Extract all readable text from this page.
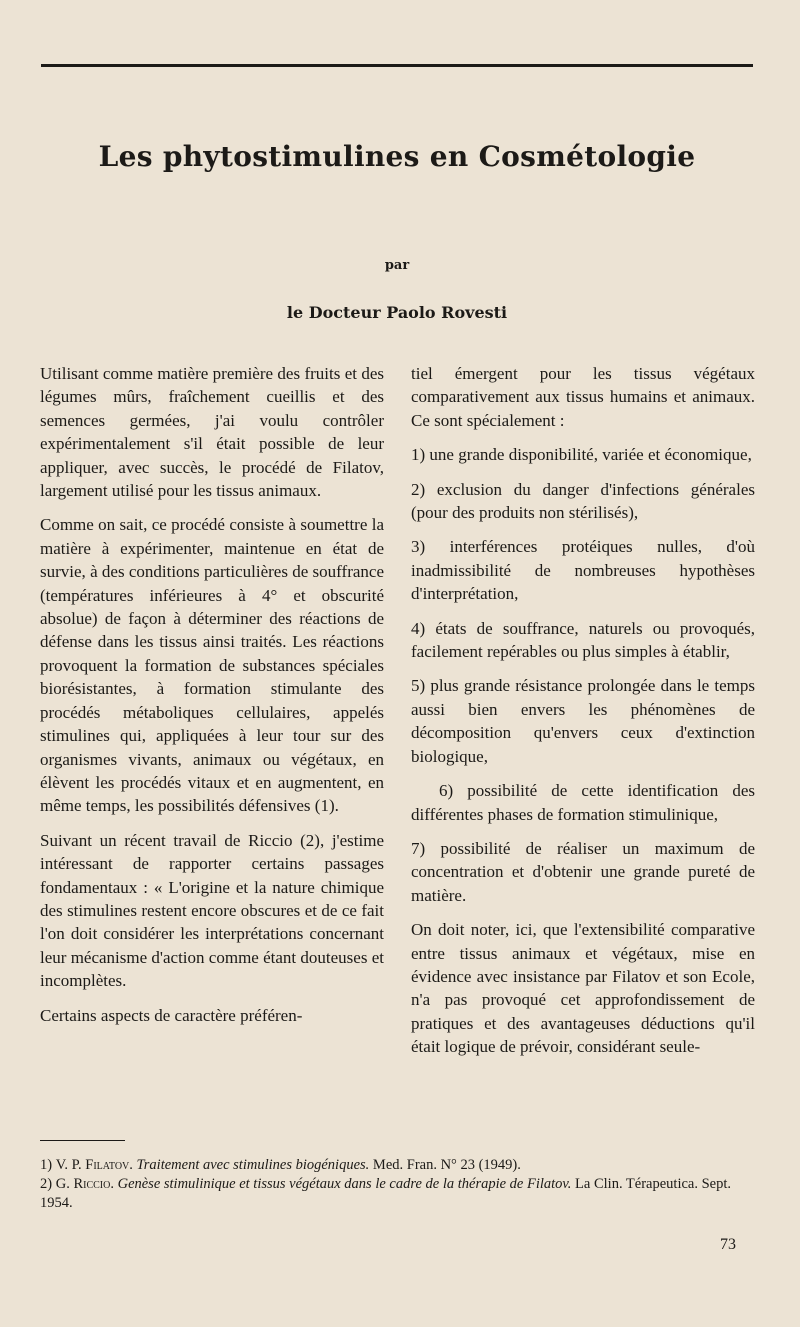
Les phytostimulines en Cosmétologie
par
le Docteur Paolo Rovesti

Utilisant comme matière première des fruits et des légumes mûrs, fraîchement cueillis et des semences germées, j'ai voulu contrôler expérimentalement s'il était possible de leur appliquer, avec succès, le procédé de Filatov, largement utilisé pour les tissus animaux.

Comme on sait, ce procédé consiste à soumettre la matière à expérimenter, maintenue en état de survie, à des conditions particulières de souffrance (températures inférieures à 4° et obscurité absolue) de façon à déterminer des réactions de défense dans les tissus ainsi traités. Les réactions provoquent la formation de substances spéciales biorésistantes, à formation stimulante des procédés métaboliques cellulaires, appelés stimulines qui, appliquées à leur tour sur des organismes vivants, animaux ou végétaux, en élèvent les procédés vitaux et en augmentent, en même temps, les possibilités défensives (1).

Suivant un récent travail de Riccio (2), j'estime intéressant de rapporter certains passages fondamentaux : « L'origine et la nature chimique des stimulines restent encore obscures et de ce fait l'on doit considérer les interprétations concernant leur mécanisme d'action comme étant douteuses et incomplètes.

Certains aspects de caractère préféren-

tiel émergent pour les tissus végétaux comparativement aux tissus humains et animaux. Ce sont spécialement :

1) une grande disponibilité, variée et économique,

2) exclusion du danger d'infections générales (pour des produits non stérilisés),

3) interférences protéiques nulles, d'où inadmissibilité de nombreuses hypothèses d'interprétation,

4) états de souffrance, naturels ou provoqués, facilement repérables ou plus simples à établir,

5) plus grande résistance prolongée dans le temps aussi bien envers les phénomènes de décomposition qu'envers ceux d'extinction biologique,

6) possibilité de cette identification des différentes phases de formation stimulinique,

7) possibilité de réaliser un maximum de concentration et d'obtenir une grande pureté de matière.

On doit noter, ici, que l'extensibilité comparative entre tissus animaux et végétaux, mise en évidence avec insistance par Filatov et son Ecole, n'a pas provoqué cet approfondissement de pratiques et des avantageuses déductions qu'il était logique de prévoir, considérant seule-

1) V. P. Filatov. Traitement avec stimulines biogéniques. Med. Fran. N° 23 (1949).

2) G. Riccio. Genèse stimulinique et tissus végétaux dans le cadre de la thérapie de Filatov. La Clin. Térapeutica. Sept. 1954.

73
